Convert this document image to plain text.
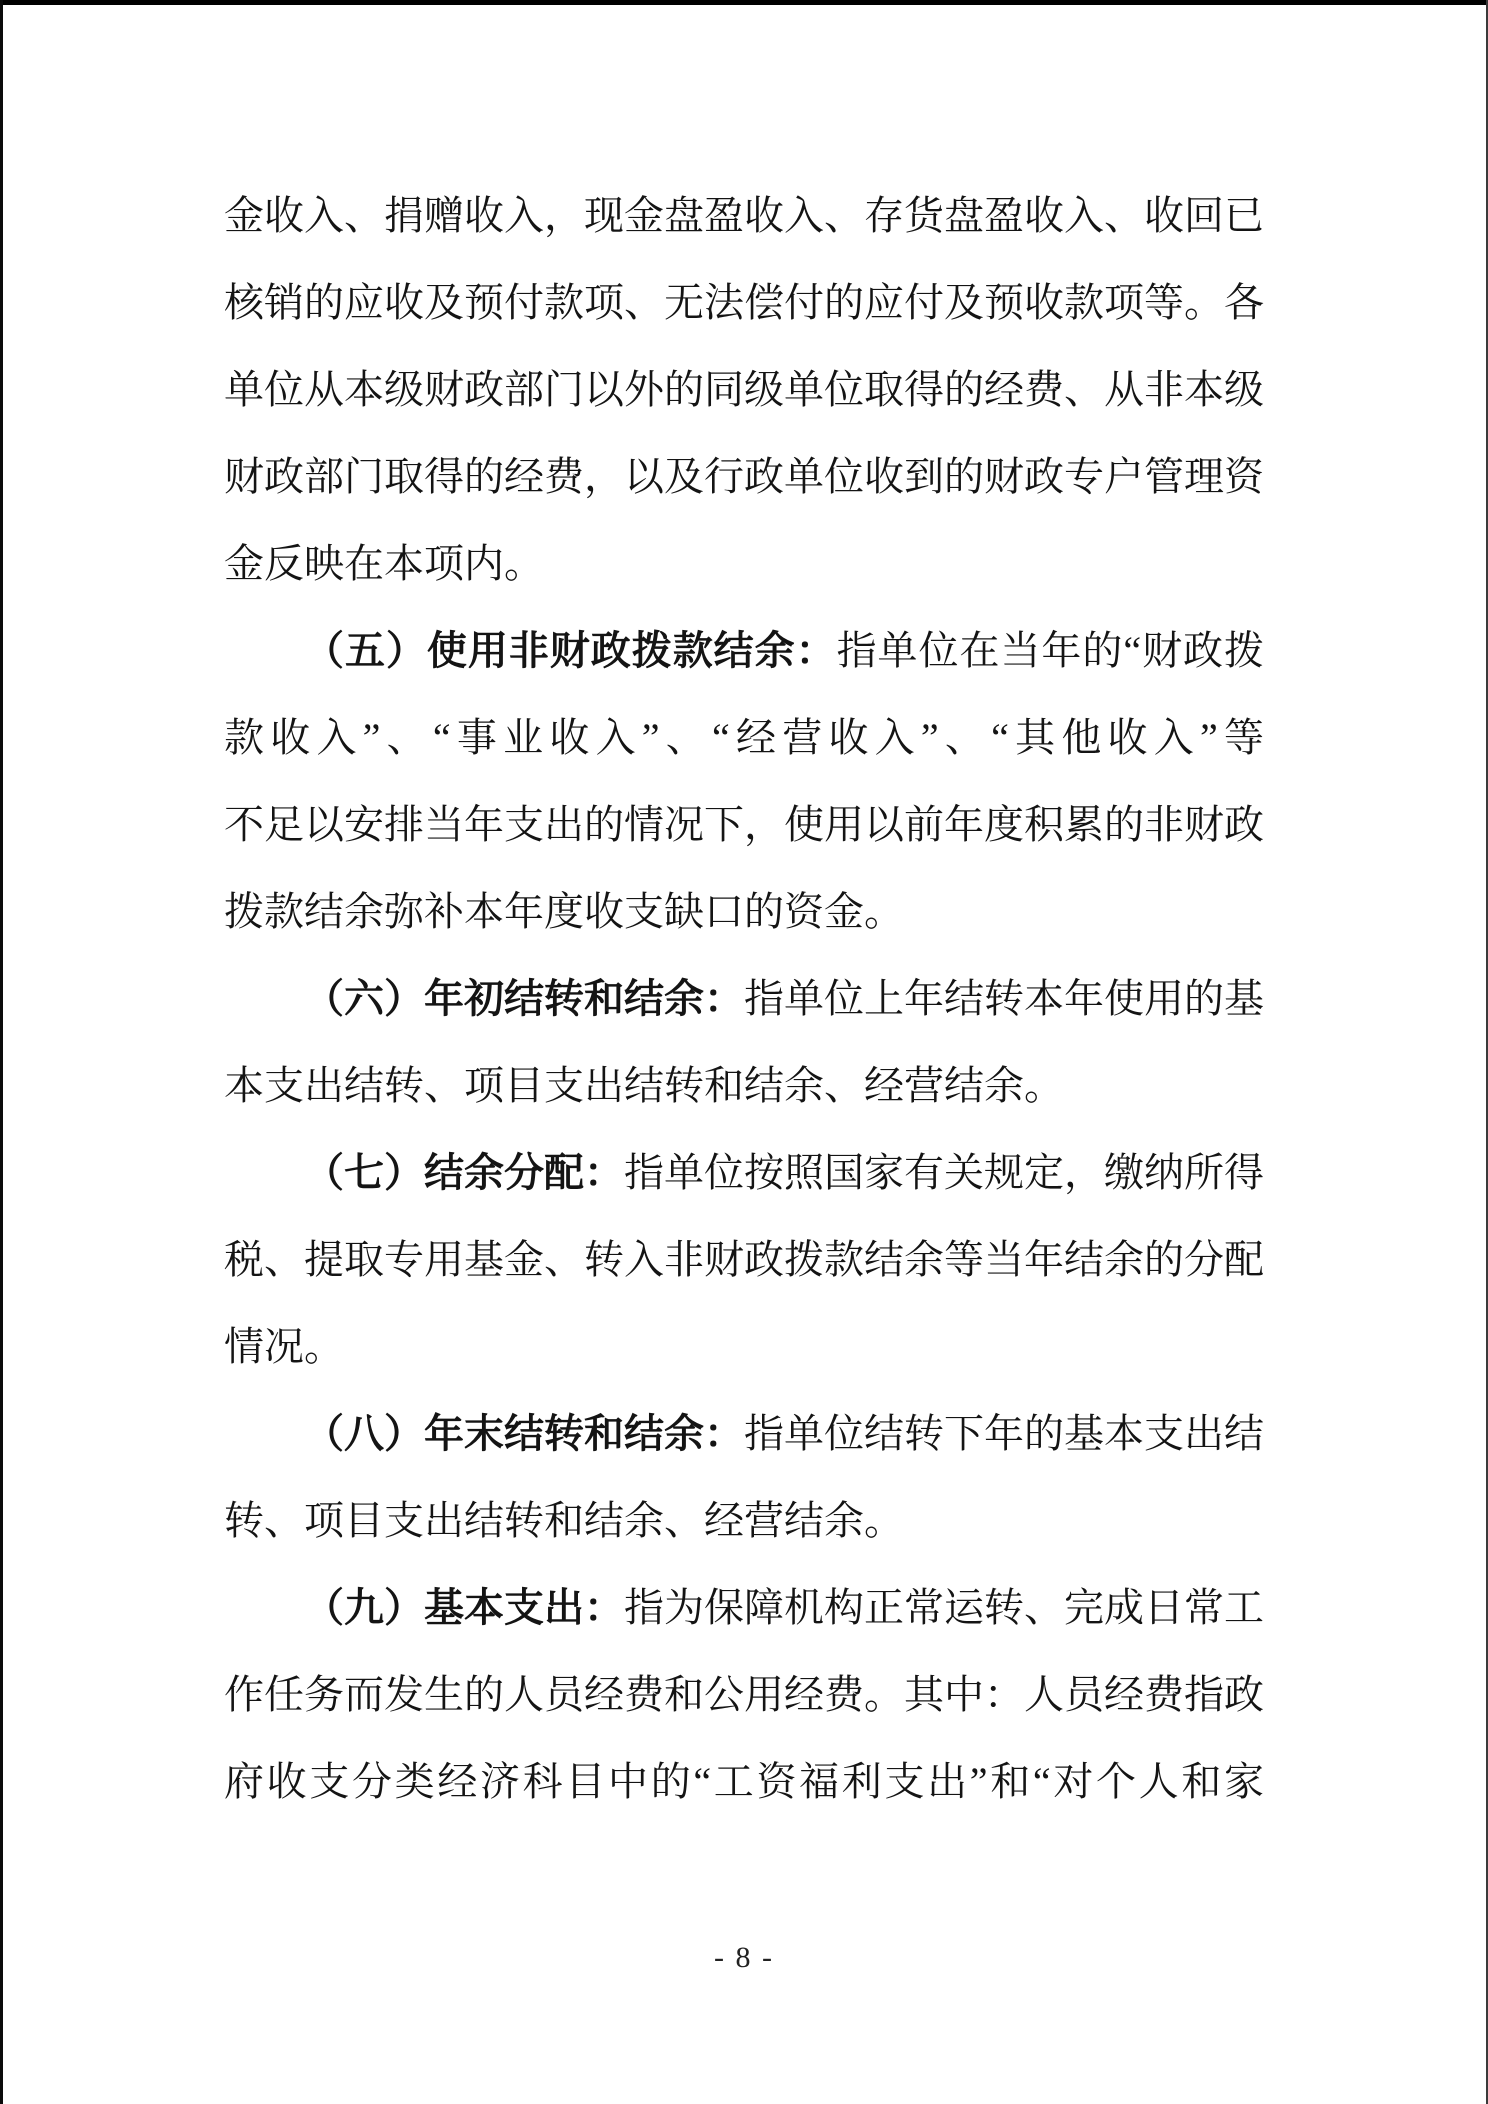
金收入、捐赠收入，现金盘盈收入、存货盘盈收入、收回已
核销的应收及预付款项、无法偿付的应付及预收款项等。各
单位从本级财政部门以外的同级单位取得的经费、从非本级
财政部门取得的经费，以及行政单位收到的财政专户管理资
金反映在本项内。
（五）使用非财政拨款结余：指单位在当年的“财政拨
款收入”、“事业收入”、“经营收入”、“其他收入”等
不足以安排当年支出的情况下，使用以前年度积累的非财政
拨款结余弥补本年度收支缺口的资金。
（六）年初结转和结余：指单位上年结转本年使用的基
本支出结转、项目支出结转和结余、经营结余。
（七）结余分配：指单位按照国家有关规定，缴纳所得
税、提取专用基金、转入非财政拨款结余等当年结余的分配
情况。
（八）年末结转和结余：指单位结转下年的基本支出结
转、项目支出结转和结余、经营结余。
（九）基本支出：指为保障机构正常运转、完成日常工
作任务而发生的人员经费和公用经费。其中：人员经费指政
府收支分类经济科目中的“工资福利支出”和“对个人和家
- 8 -
